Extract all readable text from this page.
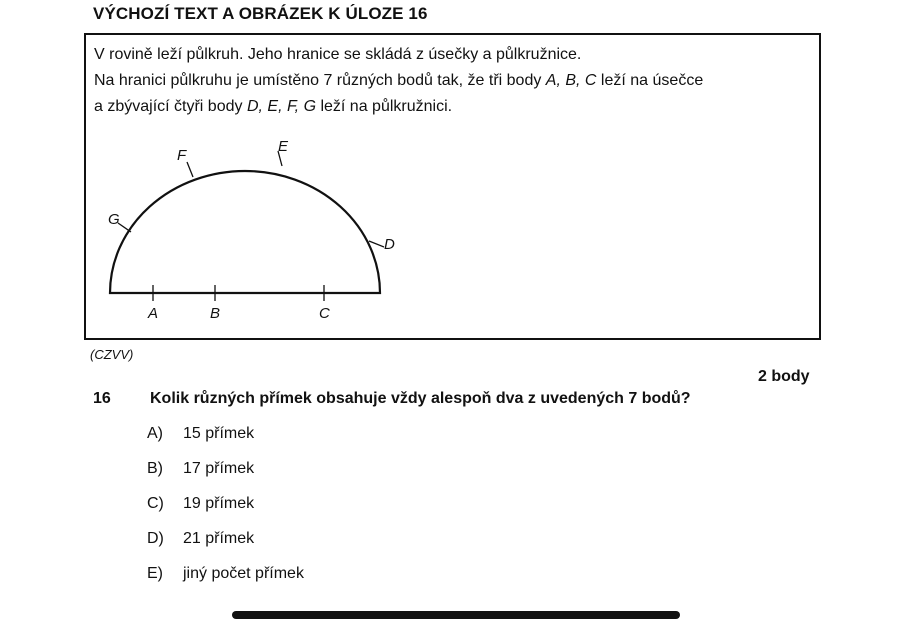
VÝCHOZÍ TEXT A OBRÁZEK K ÚLOZE 16

V rovině leží půlkruh. Jeho hranice se skládá z úsečky a půlkružnice.

Na hranici půlkruhu je umístěno 7 různých bodů tak, že tři body A, B, C leží na úsečce

a zbývající čtyři body D, E, F, G leží na půlkružnici.

A	B	C
D
E
F
G
(CZVV)
2 body
16 Kolik různých přímek obsahuje vždy alespoň dva z uvedených 7 bodů?
A) 15 přímek
B) 17 přímek
C) 19 přímek
D) 21 přímek
E) jiný počet přímek
